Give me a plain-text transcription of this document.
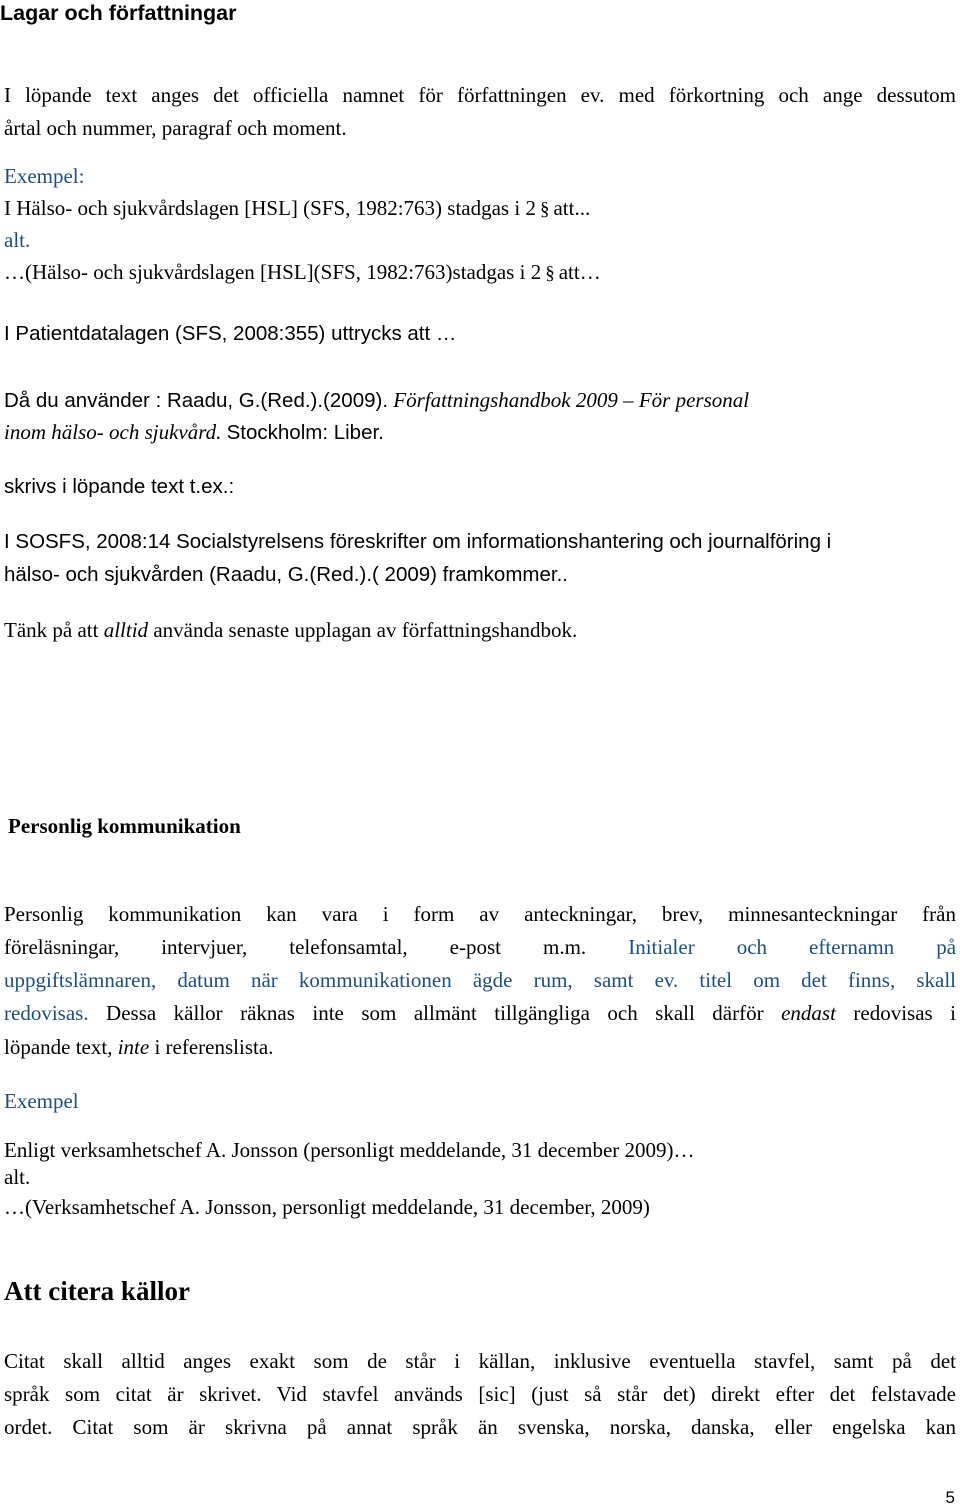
Lagar och författningar
I löpande text anges det officiella namnet för författningen ev. med förkortning och ange dessutom
årtal och nummer, paragraf och moment.
Exempel:
I Hälso- och sjukvårdslagen [HSL] (SFS, 1982:763) stadgas i 2 § att...
alt.
…(Hälso- och sjukvårdslagen [HSL](SFS, 1982:763)stadgas i 2 § att…
I Patientdatalagen (SFS, 2008:355) uttrycks att …
Då du använder : Raadu, G.(Red.).(2009). Författningshandbok 2009 – För personal
inom hälso- och sjukvård. Stockholm: Liber.
skrivs i löpande text t.ex.:
I SOSFS, 2008:14 Socialstyrelsens föreskrifter om informationshantering och journalföring i
hälso- och sjukvården (Raadu, G.(Red.).( 2009) framkommer..
Tänk på att alltid använda senaste upplagan av författningshandbok.
Personlig kommunikation
Personlig kommunikation kan vara i form av anteckningar, brev, minnesanteckningar från
föreläsningar, intervjuer, telefonsamtal, e-post m.m. Initialer och efternamn på
uppgiftslämnaren, datum när kommunikationen ägde rum, samt ev. titel om det finns, skall
redovisas. Dessa källor räknas inte som allmänt tillgängliga och skall därför endast redovisas i
löpande text, inte i referenslista.
Exempel
Enligt verksamhetschef A. Jonsson (personligt meddelande, 31 december 2009)…
alt.
…(Verksamhetschef A. Jonsson, personligt meddelande, 31 december, 2009)
Att citera källor
Citat skall alltid anges exakt som de står i källan, inklusive eventuella stavfel, samt på det
språk som citat är skrivet. Vid stavfel används [sic] (just så står det) direkt efter det felstavade
ordet. Citat som är skrivna på annat språk än svenska, norska, danska, eller engelska kan
5
